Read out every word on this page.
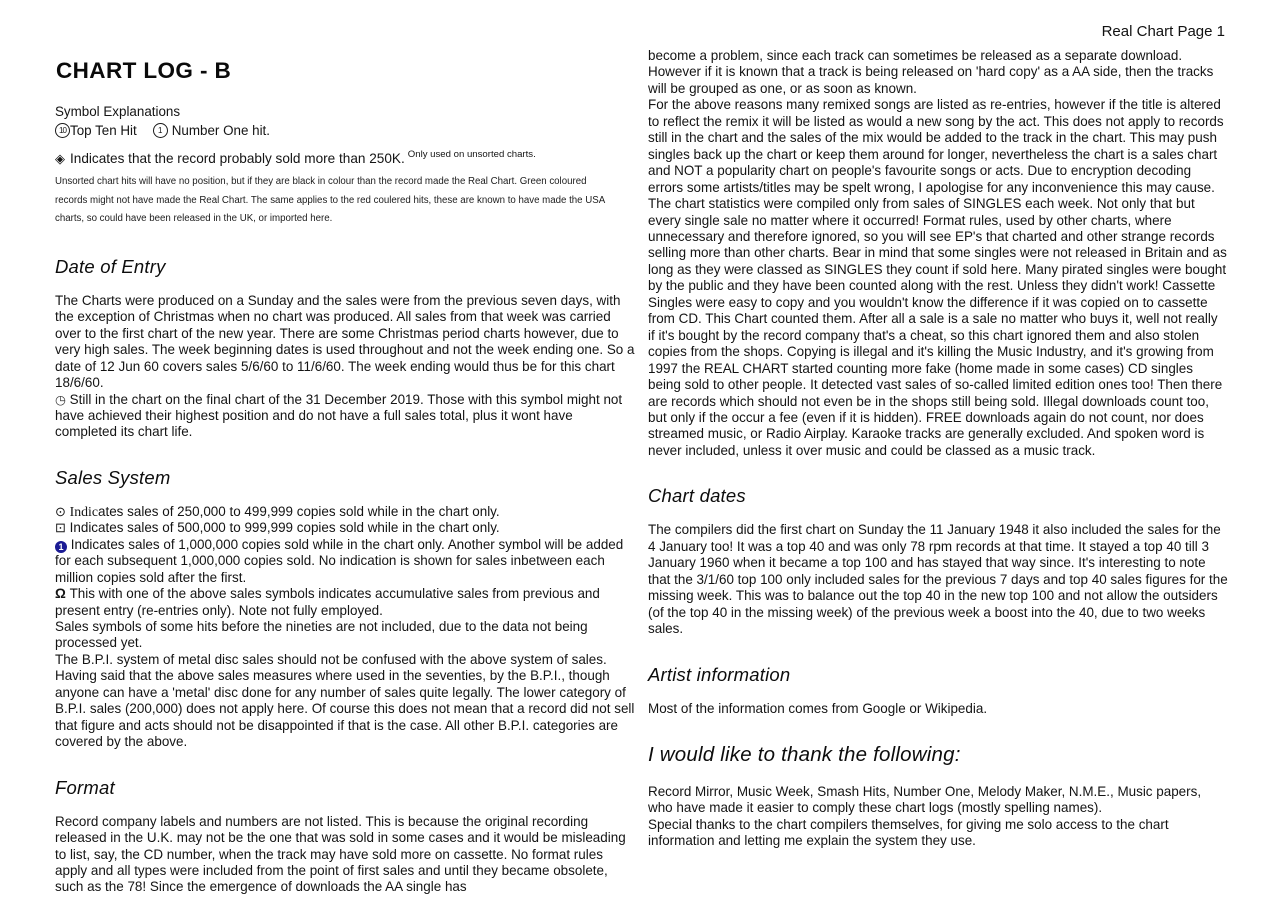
Real Chart Page 1
CHART LOG - B

Symbol Explanations

10 Top Ten Hit	1 Number One hit.

◈ Indicates that the record probably sold more than 250K. $^{Only used on unsorted charts.}$

Unsorted chart hits will have no position, but if they are black in colour than the record made the Real Chart. Green coloured records might not have made the Real Chart. The same applies to the red coulered hits, these are known to have made the USA charts, so could have been released in the UK, or imported here.

Date of Entry

The Charts were produced on a Sunday and the sales were from the previous seven days, with the exception of Christmas when no chart was produced. All sales from that week was carried over to the first chart of the new year. There are some Christmas period charts however, due to very high sales. The week beginning dates is used throughout and not the week ending one. So a date of 12 Jun 60 covers sales 5/6/60 to 11/6/60. The week ending would thus be for this chart 18/6/60.

◷ Still in the chart on the final chart of the 31 December 2019. Those with this symbol might not have achieved their highest position and do not have a full sales total, plus it wont have completed its chart life.

Sales System

⊙ Indicates sales of 250,000 to 499,999 copies sold while in the chart only.

⊡ Indicates sales of 500,000 to 999,999 copies sold while in the chart only.

1 Indicates sales of 1,000,000 copies sold while in the chart only. Another symbol will be added for each subsequent 1,000,000 copies sold. No indication is shown for sales inbetween each million copies sold after the first.

Ω This with one of the above sales symbols indicates accumulative sales from previous and present entry (re-entries only). Note not fully employed.

Sales symbols of some hits before the nineties are not included, due to the data not being processed yet.

The B.P.I. system of metal disc sales should not be confused with the above system of sales. Having said that the above sales measures where used in the seventies, by the B.P.I., though anyone can have a 'metal' disc done for any number of sales quite legally. The lower category of B.P.I. sales (200,000) does not apply here. Of course this does not mean that a record did not sell that figure and acts should not be disappointed if that is the case. All other B.P.I. categories are covered by the above.

Format

Record company labels and numbers are not listed. This is because the original recording released in the U.K. may not be the one that was sold in some cases and it would be misleading to list, say, the CD number, when the track may have sold more on cassette. No format rules apply and all types were included from the point of first sales and until they became obsolete, such as the 78! Since the emergence of downloads the AA single has

become a problem, since each track can sometimes be released as a separate download. However if it is known that a track is being released on 'hard copy' as a AA side, then the tracks will be grouped as one, or as soon as known.

For the above reasons many remixed songs are listed as re-entries, however if the title is altered to reflect the remix it will be listed as would a new song by the act. This does not apply to records still in the chart and the sales of the mix would be added to the track in the chart. This may push singles back up the chart or keep them around for longer, nevertheless the chart is a sales chart and NOT a popularity chart on people's favourite songs or acts. Due to encryption decoding errors some artists/titles may be spelt wrong, I apologise for any inconvenience this may cause.

The chart statistics were compiled only from sales of SINGLES each week. Not only that but every single sale no matter where it occurred! Format rules, used by other charts, where unnecessary and therefore ignored, so you will see EP's that charted and other strange records selling more than other charts. Bear in mind that some singles were not released in Britain and as long as they were classed as SINGLES they count if sold here. Many pirated singles were bought by the public and they have been counted along with the rest. Unless they didn't work! Cassette Singles were easy to copy and you wouldn't know the difference if it was copied on to cassette from CD. This Chart counted them. After all a sale is a sale no matter who buys it, well not really if it's bought by the record company that's a cheat, so this chart ignored them and also stolen copies from the shops. Copying is illegal and it's killing the Music Industry, and it's growing from 1997 the REAL CHART started counting more fake (home made in some cases) CD singles being sold to other people. It detected vast sales of so-called limited edition ones too! Then there are records which should not even be in the shops still being sold. Illegal downloads count too, but only if the occur a fee (even if it is hidden). FREE downloads again do not count, nor does streamed music, or Radio Airplay. Karaoke tracks are generally excluded. And spoken word is never included, unless it over music and could be classed as a music track.

Chart dates

The compilers did the first chart on Sunday the 11 January 1948 it also included the sales for the 4 January too! It was a top 40 and was only 78 rpm records at that time. It stayed a top 40 till 3 January 1960 when it became a top 100 and has stayed that way since. It's interesting to note that the 3/1/60 top 100 only included sales for the previous 7 days and top 40 sales figures for the missing week. This was to balance out the top 40 in the new top 100 and not allow the outsiders (of the top 40 in the missing week) of the previous week a boost into the 40, due to two weeks sales.

Artist information

Most of the information comes from Google or Wikipedia.

I would like to thank the following:

Record Mirror, Music Week, Smash Hits, Number One, Melody Maker, N.M.E., Music papers, who have made it easier to comply these chart logs (mostly spelling names).

Special thanks to the chart compilers themselves, for giving me solo access to the chart information and letting me explain the system they use.
